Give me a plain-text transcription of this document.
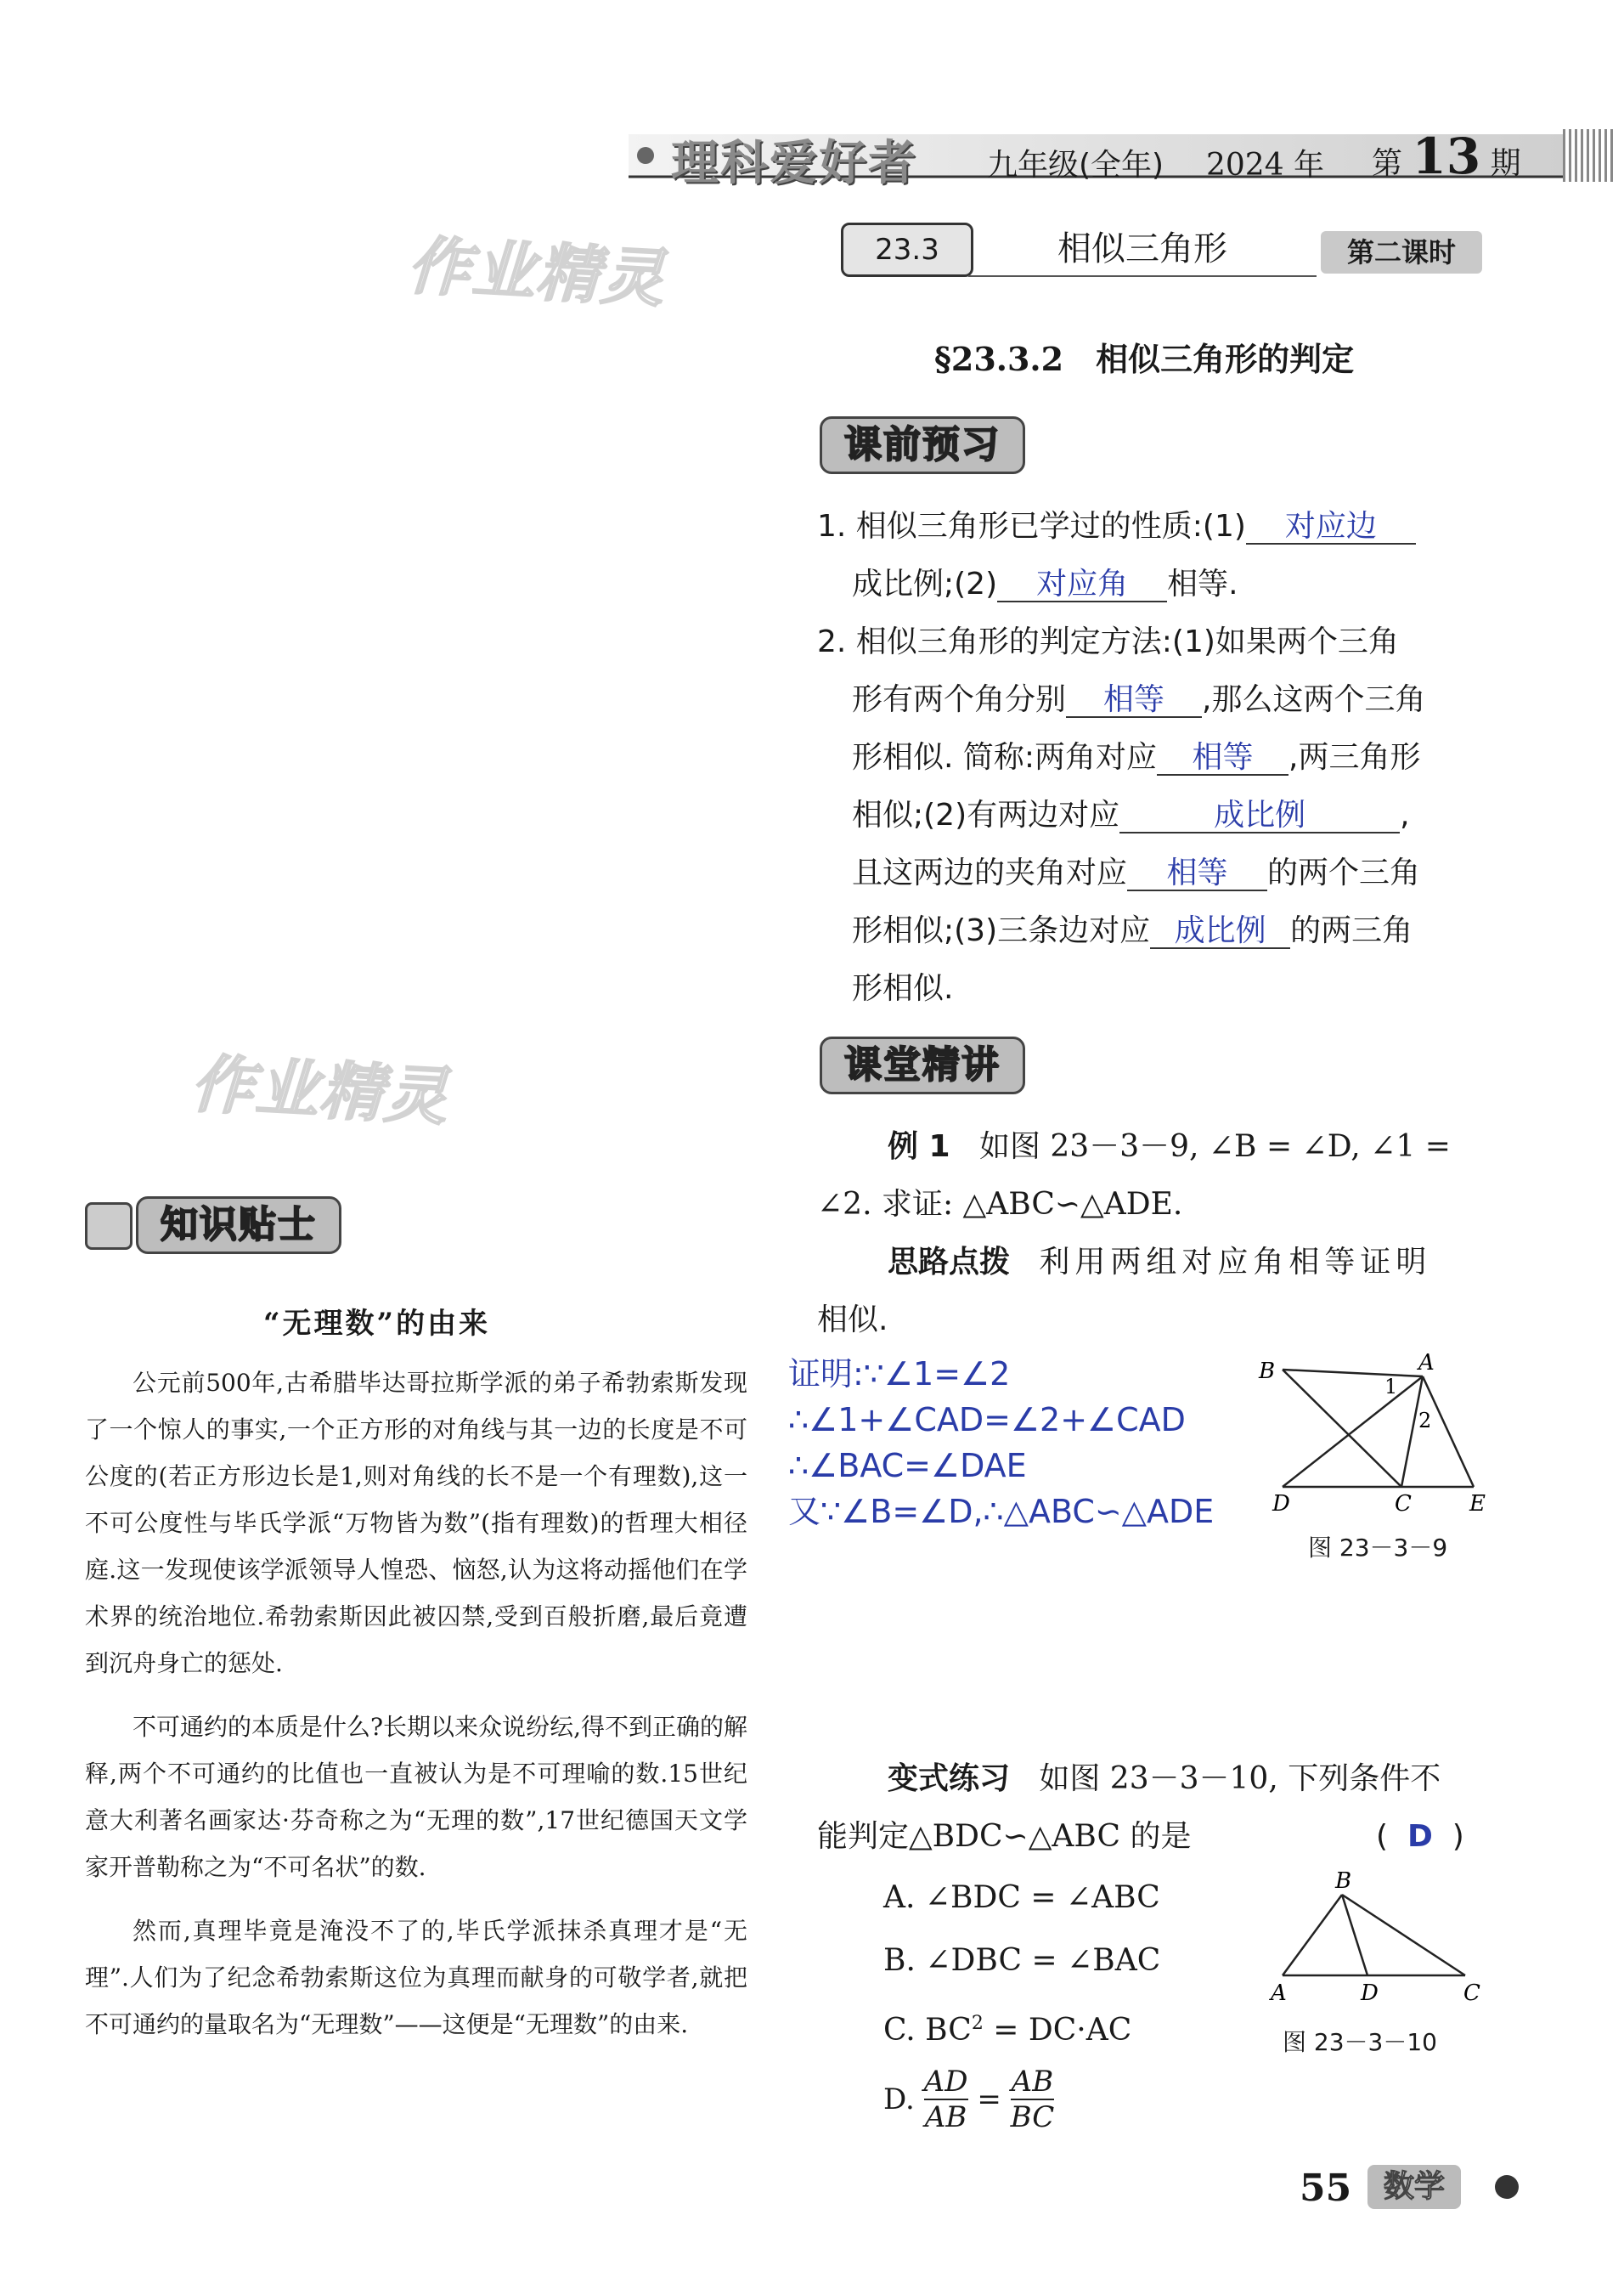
理科爱好者 九年级(全年) 2024 年 第 13 期
作业精灵
作业精灵
23.3	相似三角形	第二课时
§23.3.2　相似三角形的判定
课前预习
1. 相似三角形已学过的性质:(1) 对应边
成比例;(2) 对应角 相等.
2. 相似三角形的判定方法:(1)如果两个三角
形有两个角分别 相等 ,那么这两个三角
形相似. 简称:两角对应 相等 ,两三角形
相似;(2)有两边对应	成比例	,
且这两边的夹角对应 相等 的两个三角
形相似;(3)三条边对应 成比例 的两三角
形相似.
课堂精讲
例 1 如图 23－3－9, ∠B = ∠D, ∠1 =
∠2. 求证: △ABC∽△ADE.
思路点拨 利用两组对应角相等证明
相似.
证明:∵∠1=∠2
∴∠1+∠CAD=∠2+∠CAD
∴∠BAC=∠DAE
又∵∠B=∠D,∴△ABC∽△ADE
B	A
1
2
D	C	E
图 23－3－9
变式练习 如图 23－3－10, 下列条件不
能判定△BDC∽△ABC 的是	(  D  )
A. ∠BDC = ∠ABC
B. ∠DBC = ∠BAC
C. $BC^2 = DC\cdot AC$
D. $\frac{AD}{AB} = \frac{AB}{BC}$
B
A	D	C
图 23－3－10
知识贴士
“无理数”的由来
公元前500年,古希腊毕达哥拉斯学派的弟子希勃索斯发现了一个惊人的事实,一个正方形的对角线与其一边的长度是不可公度的(若正方形边长是1,则对角线的长不是一个有理数),这一不可公度性与毕氏学派“万物皆为数”(指有理数)的哲理大相径庭.这一发现使该学派领导人惶恐、恼怒,认为这将动摇他们在学术界的统治地位.希勃索斯因此被囚禁,受到百般折磨,最后竟遭到沉舟身亡的惩处.
不可通约的本质是什么?长期以来众说纷纭,得不到正确的解释,两个不可通约的比值也一直被认为是不可理喻的数.15世纪意大利著名画家达·芬奇称之为“无理的数”,17世纪德国天文学家开普勒称之为“不可名状”的数.
然而,真理毕竟是淹没不了的,毕氏学派抹杀真理才是“无理”.人们为了纪念希勃索斯这位为真理而献身的可敬学者,就把不可通约的量取名为“无理数”——这便是“无理数”的由来.
55	数学
